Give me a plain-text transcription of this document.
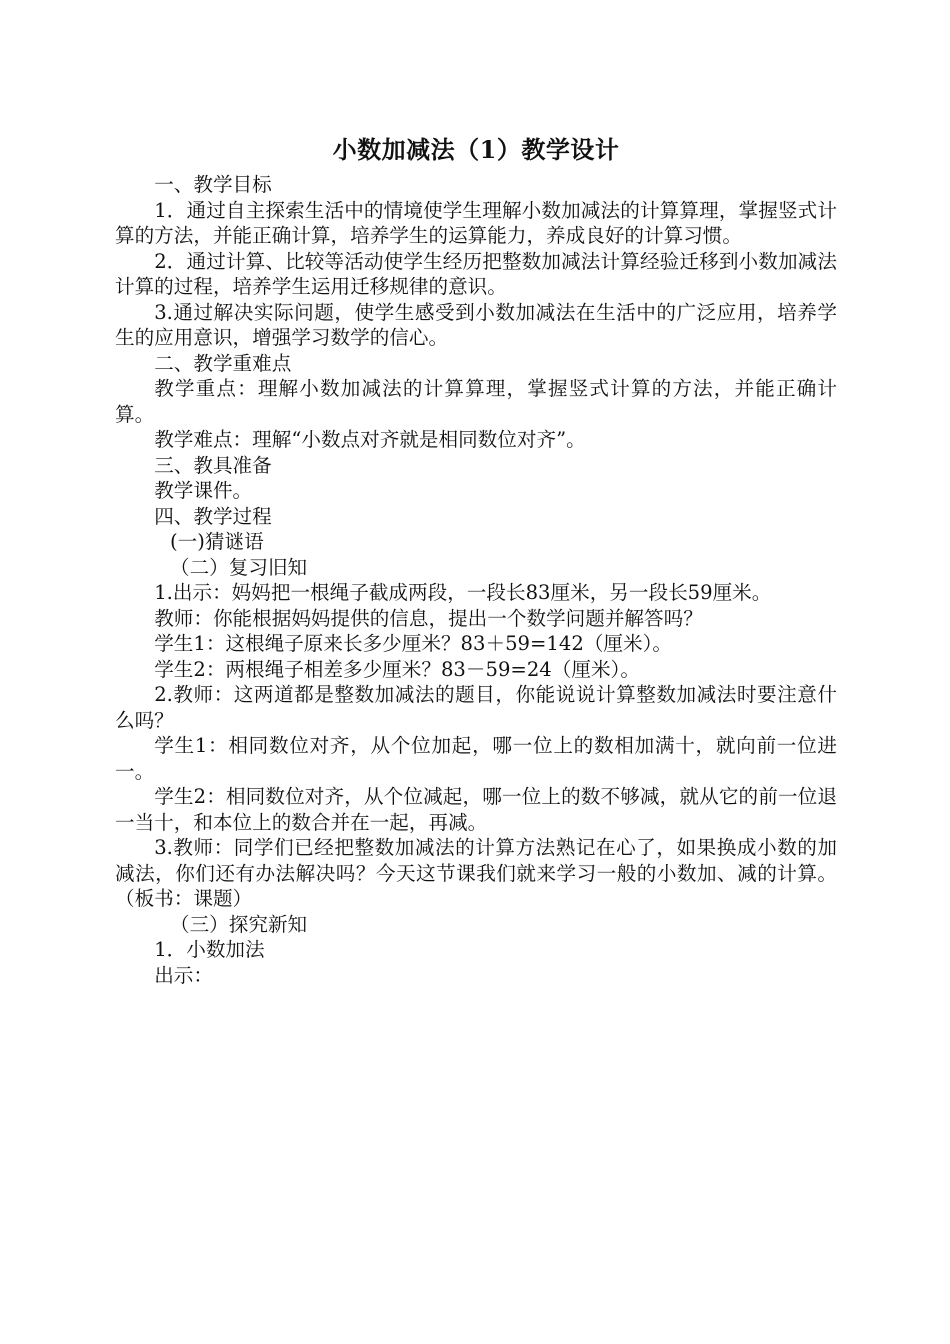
小数加减法（1）教学设计

一、教学目标

1．通过自主探索生活中的情境使学生理解小数加减法的计算算理，掌握竖式计算的方法，并能正确计算，培养学生的运算能力，养成良好的计算习惯。

2．通过计算、比较等活动使学生经历把整数加减法计算经验迁移到小数加减法计算的过程，培养学生运用迁移规律的意识。

3.通过解决实际问题，使学生感受到小数加减法在生活中的广泛应用，培养学生的应用意识，增强学习数学的信心。

二、教学重难点

教学重点：理解小数加减法的计算算理，掌握竖式计算的方法，并能正确计算。

教学难点：理解“小数点对齐就是相同数位对齐”。

三、教具准备

教学课件。

四、教学过程

(一)猜谜语

（二）复习旧知

1.出示：妈妈把一根绳子截成两段，一段长83厘米，另一段长59厘米。

教师：你能根据妈妈提供的信息，提出一个数学问题并解答吗？

学生1：这根绳子原来长多少厘米？83＋59=142（厘米）。

学生2：两根绳子相差多少厘米？83－59=24（厘米）。

2.教师：这两道都是整数加减法的题目，你能说说计算整数加减法时要注意什么吗？

学生1：相同数位对齐，从个位加起，哪一位上的数相加满十，就向前一位进一。

学生2：相同数位对齐，从个位减起，哪一位上的数不够减，就从它的前一位退一当十，和本位上的数合并在一起，再减。

3.教师：同学们已经把整数加减法的计算方法熟记在心了，如果换成小数的加减法，你们还有办法解决吗？今天这节课我们就来学习一般的小数加、减的计算。（板书：课题）

（三）探究新知

1．小数加法

出示：
